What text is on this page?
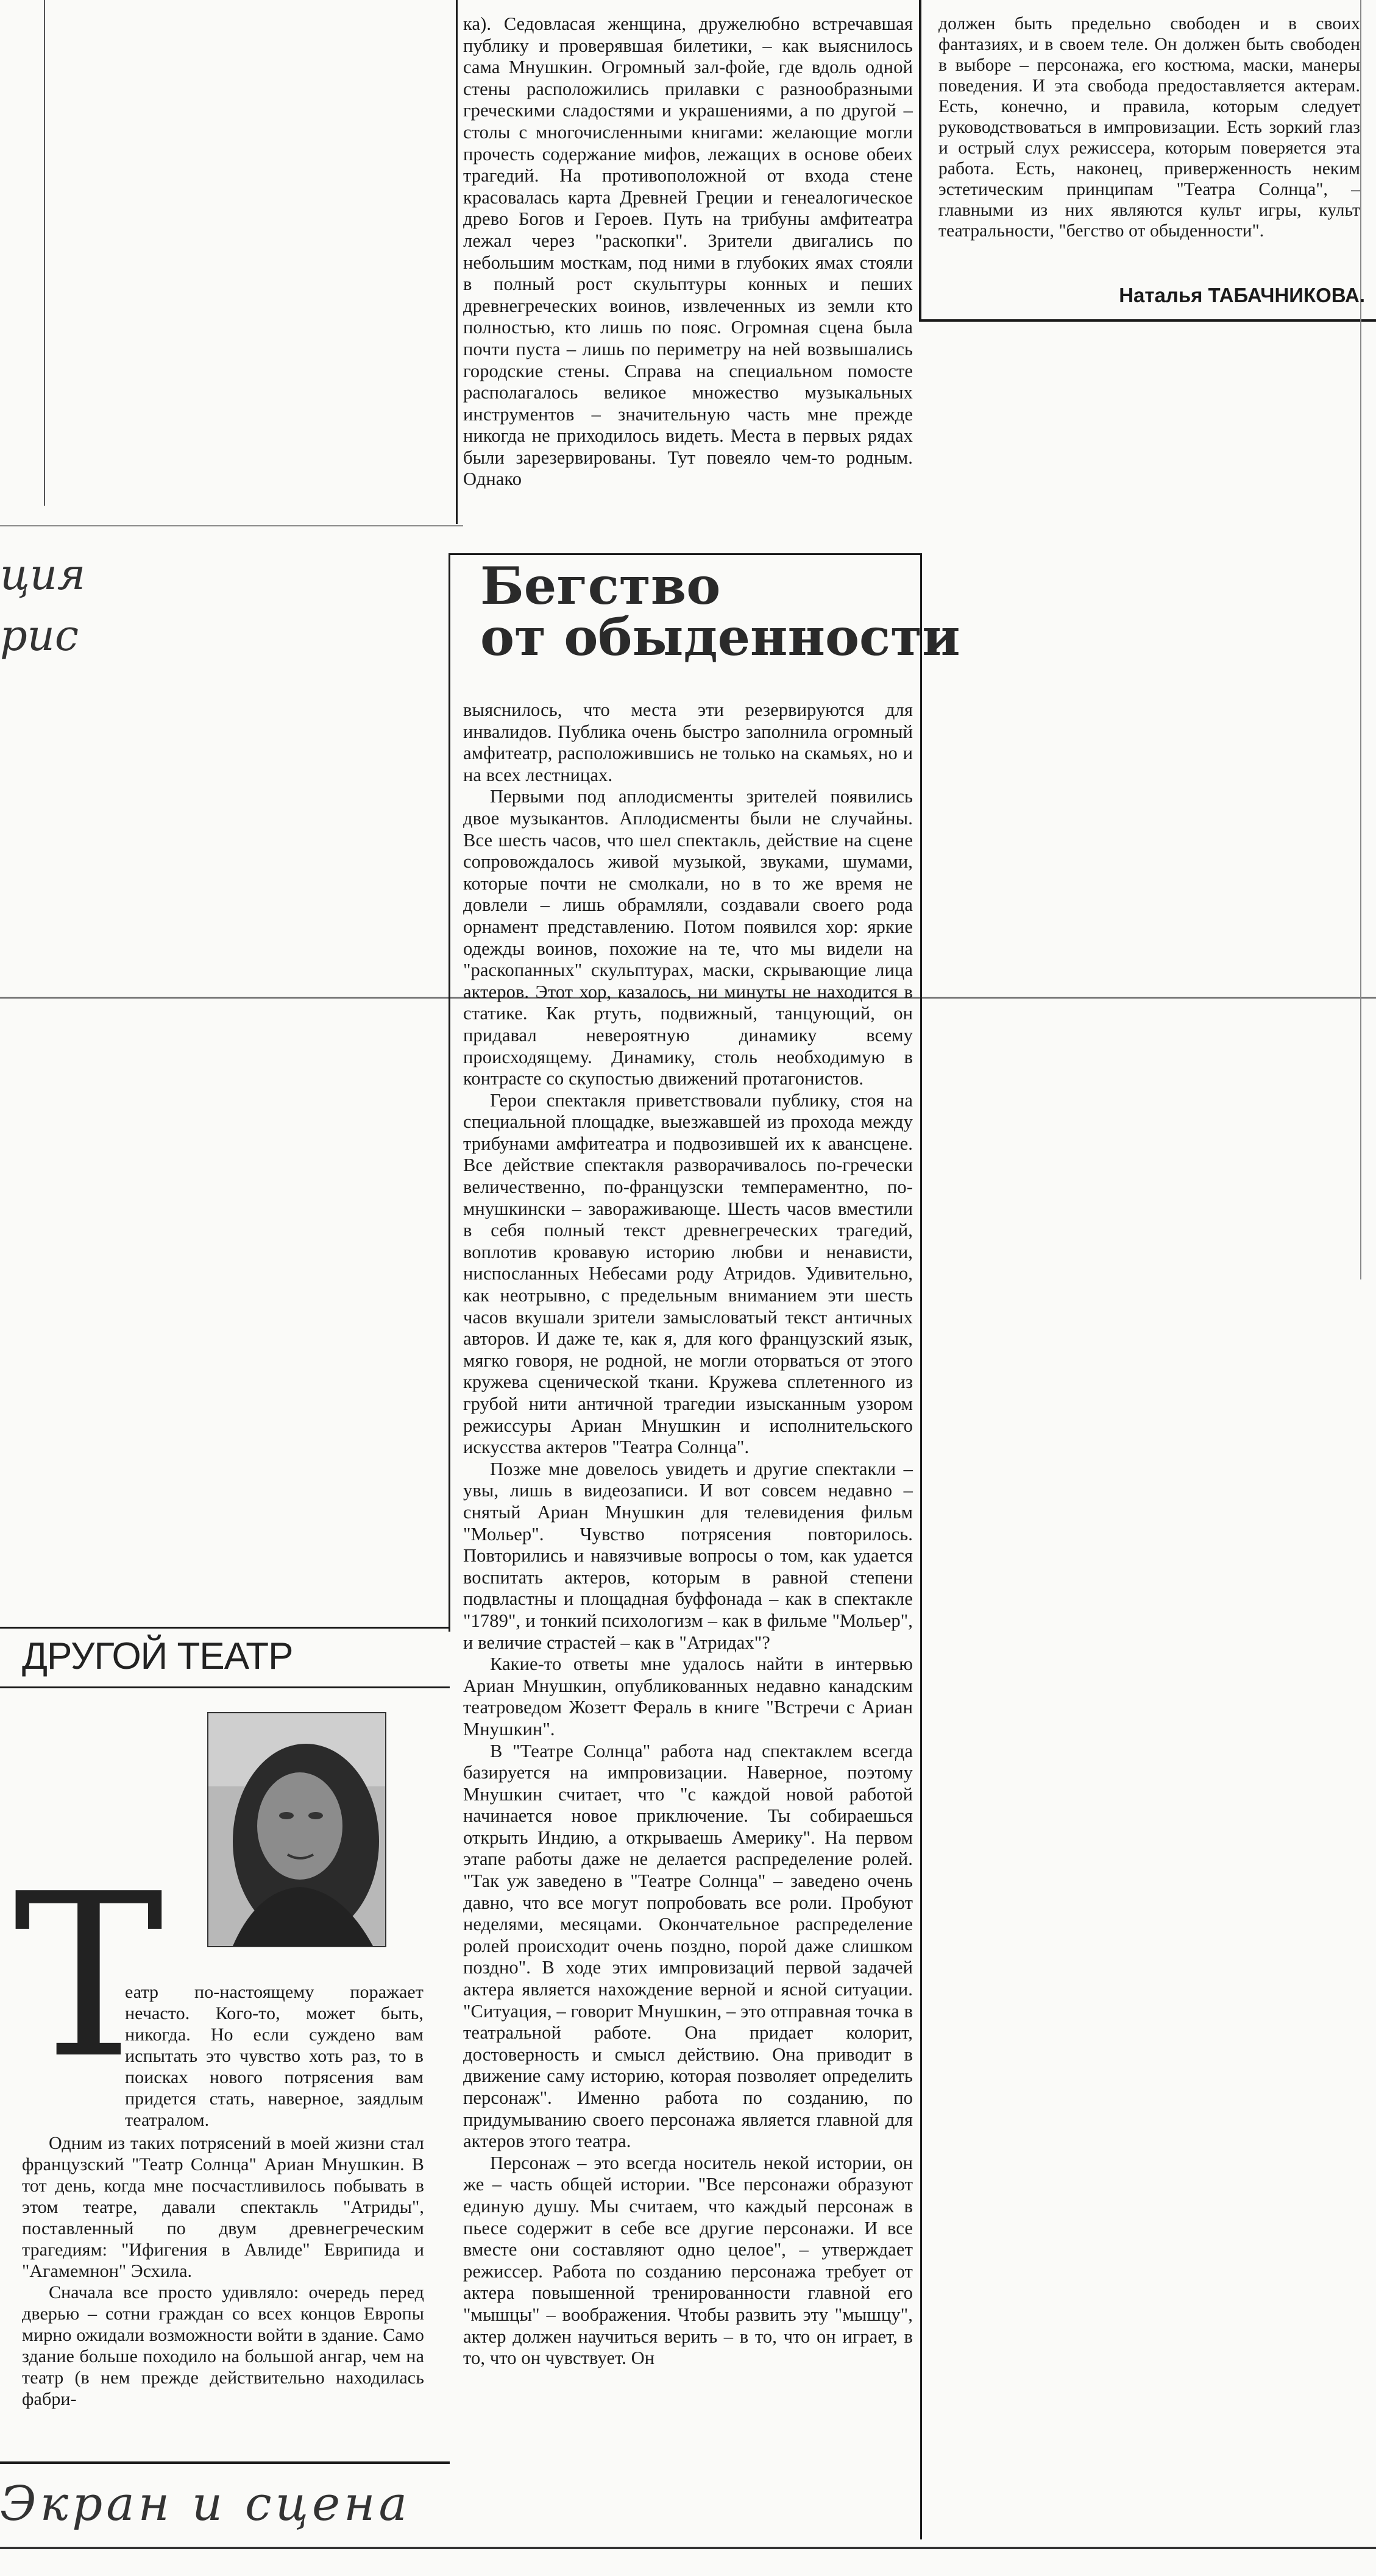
ция
рис
Экран и сцена

ка). Седовласая женщина, дружелюбно встречавшая публику и проверявшая билетики, – как выяснилось сама Мнушкин. Огромный зал-фойе, где вдоль одной стены расположились прилавки с разнообразными греческими сладостями и украшениями, а по другой – столы с многочисленными книгами: желающие могли прочесть содержание мифов, лежащих в основе обеих трагедий. На противоположной от входа стене красовалась карта Древней Греции и генеалогическое древо Богов и Героев. Путь на трибуны амфитеатра лежал через "раскопки". Зрители двигались по небольшим мосткам, под ними в глубоких ямах стояли в полный рост скульптуры конных и пеших древнегреческих воинов, извлеченных из земли кто полностью, кто лишь по пояс. Огромная сцена была почти пуста – лишь по периметру на ней возвышались городские стены. Справа на специальном помосте располагалось великое множество музыкальных инструментов – значительную часть мне прежде никогда не приходилось видеть. Места в первых рядах были зарезервированы. Тут повеяло чем-то родным. Однако

должен быть предельно свободен и в своих фантазиях, и в своем теле. Он должен быть свободен в выборе – персонажа, его костюма, маски, манеры поведения. И эта свобода предоставляется актерам. Есть, конечно, и правила, которым следует руководствоваться в импровизации. Есть зоркий глаз и острый слух режиссера, которым поверяется эта работа. Есть, наконец, приверженность неким эстетическим принципам "Театра Солнца", – главными из них являются культ игры, культ театральности, "бегство от обыденности".

Наталья ТАБАЧНИКОВА.
Бегство
от обыденности

выяснилось, что места эти резервируются для инвалидов. Публика очень быстро заполнила огромный амфитеатр, расположившись не только на скамьях, но и на всех лестницах.

Первыми под аплодисменты зрителей появились двое музыкантов. Аплодисменты были не случайны. Все шесть часов, что шел спектакль, действие на сцене сопровождалось живой музыкой, звуками, шумами, которые почти не смолкали, но в то же время не довлели – лишь обрамляли, создавали своего рода орнамент представлению. Потом появился хор: яркие одежды воинов, похожие на те, что мы видели на "раскопанных" скульптурах, маски, скрывающие лица актеров. Этот хор, казалось, ни минуты не находится в статике. Как ртуть, подвижный, танцующий, он придавал невероятную динамику всему происходящему. Динамику, столь необходимую в контрасте со скупостью движений протагонистов.

Герои спектакля приветствовали публику, стоя на специальной площадке, выезжавшей из прохода между трибунами амфитеатра и подвозившей их к авансцене. Все действие спектакля разворачивалось по-гречески величественно, по-французски темпераментно, по-мнушкински – завораживающе. Шесть часов вместили в себя полный текст древнегреческих трагедий, воплотив кровавую историю любви и ненависти, ниспосланных Небесами роду Атридов. Удивительно, как неотрывно, с предельным вниманием эти шесть часов вкушали зрители замысловатый текст античных авторов. И даже те, как я, для кого французский язык, мягко говоря, не родной, не могли оторваться от этого кружева сценической ткани. Кружева сплетенного из грубой нити античной трагедии изысканным узором режиссуры Ариан Мнушкин и исполнительского искусства актеров "Театра Солнца".

Позже мне довелось увидеть и другие спектакли – увы, лишь в видеозаписи. И вот совсем недавно – снятый Ариан Мнушкин для телевидения фильм "Мольер". Чувство потрясения повторилось. Повторились и навязчивые вопросы о том, как удается воспитать актеров, которым в равной степени подвластны и площадная буффонада – как в спектакле "1789", и тонкий психологизм – как в фильме "Мольер", и величие страстей – как в "Атридах"?

Какие-то ответы мне удалось найти в интервью Ариан Мнушкин, опубликованных недавно канадским театроведом Жозетт Фераль в книге "Встречи с Ариан Мнушкин".

В "Театре Солнца" работа над спектаклем всегда базируется на импровизации. Наверное, поэтому Мнушкин считает, что "с каждой новой работой начинается новое приключение. Ты собираешься открыть Индию, а открываешь Америку". На первом этапе работы даже не делается распределение ролей. "Так уж заведено в "Театре Солнца" – заведено очень давно, что все могут попробовать все роли. Пробуют неделями, месяцами. Окончательное распределение ролей происходит очень поздно, порой даже слишком поздно". В ходе этих импровизаций первой задачей актера является нахождение верной и ясной ситуации. "Ситуация, – говорит Мнушкин, – это отправная точка в театральной работе. Она придает колорит, достоверность и смысл действию. Она приводит в движение саму историю, которая позволяет определить персонаж". Именно работа по созданию, по придумыванию своего персонажа является главной для актеров этого театра.

Персонаж – это всегда носитель некой истории, он же – часть общей истории. "Все персонажи образуют единую душу. Мы считаем, что каждый персонаж в пьесе содержит в себе все другие персонажи. И все вместе они составляют одно целое", – утверждает режиссер. Работа по созданию персонажа требует от актера повышенной тренированности главной его "мышцы" – воображения. Чтобы развить эту "мышцу", актер должен научиться верить – в то, что он играет, в то, что он чувствует. Он

ДРУГОЙ ТЕАТР
Т

еатр по-настоящему поражает нечасто. Кого-то, может быть, никогда. Но если суждено вам испытать это чувство хоть раз, то в поисках нового потрясения вам придется стать, наверное, заядлым театралом.

Одним из таких потрясений в моей жизни стал французский "Театр Солнца" Ариан Мнушкин. В тот день, когда мне посчастливилось побывать в этом театре, давали спектакль "Атриды", поставленный по двум древнегреческим трагедиям: "Ифигения в Авлиде" Еврипида и "Агамемнон" Эсхила.

Сначала все просто удивляло: очередь перед дверью – сотни граждан со всех концов Европы мирно ожидали возможности войти в здание. Само здание больше походило на большой ангар, чем на театр (в нем прежде действительно находилась фабри-
